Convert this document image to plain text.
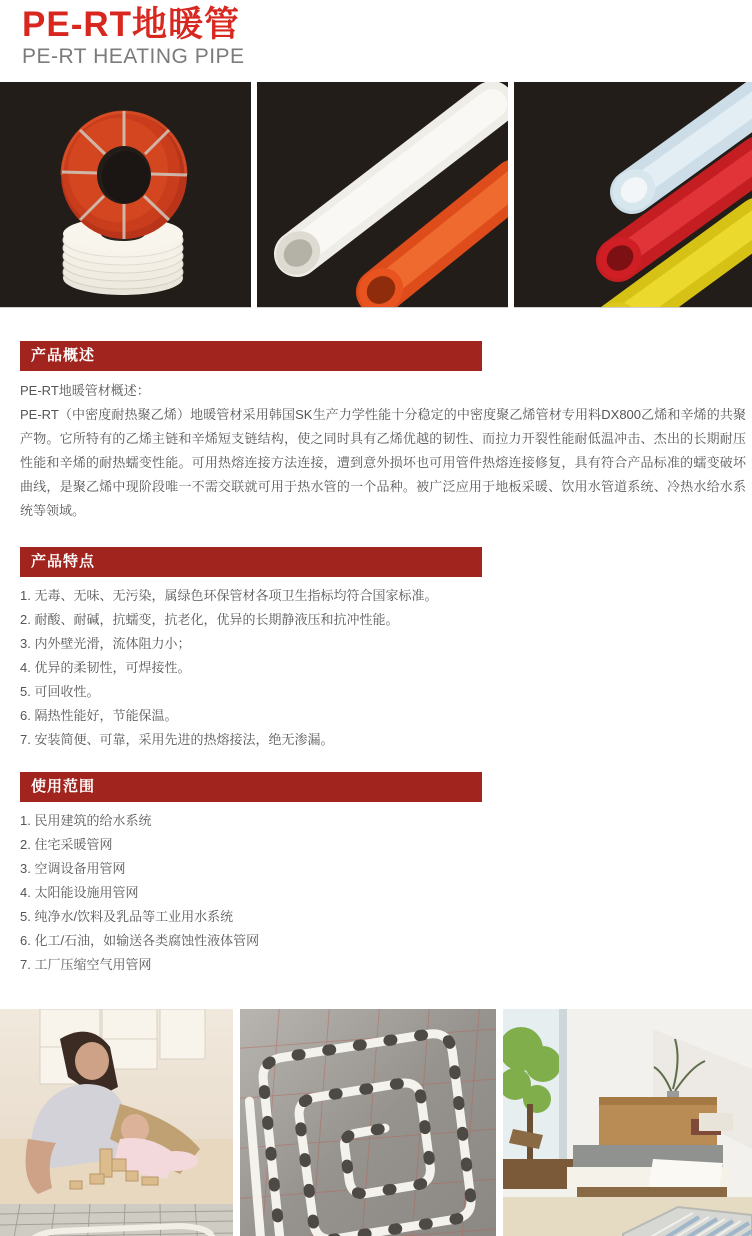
PE-RT地暖管
PE-RT HEATING PIPE
产品概述
PE-RT地暖管材概述：
PE-RT（中密度耐热聚乙烯）地暖管材采用韩国SK生产力学性能十分稳定的中密度聚乙烯管材专用料DX800乙烯和辛烯的共聚产物。它所特有的乙烯主链和辛烯短支链结构，使之同时具有乙烯优越的韧性、而拉力开裂性能耐低温冲击、杰出的长期耐压性能和辛烯的耐热蠕变性能。可用热熔连接方法连接，遭到意外损坏也可用管件热熔连接修复，具有符合产品标准的蠕变破坏曲线，是聚乙烯中现阶段唯一不需交联就可用于热水管的一个品种。被广泛应用于地板采暖、饮用水管道系统、冷热水给水系统等领域。
产品特点
1. 无毒、无味、无污染，属绿色环保管材各项卫生指标均符合国家标准。
2. 耐酸、耐碱，抗蠕变，抗老化，优异的长期静液压和抗冲性能。
3. 内外壁光滑，流体阻力小；
4. 优异的柔韧性，可焊接性。
5. 可回收性。
6. 隔热性能好，节能保温。
7. 安装简便、可靠，采用先进的热熔接法，绝无渗漏。
使用范围
1. 民用建筑的给水系统
2. 住宅采暖管网
3. 空调设备用管网
4. 太阳能设施用管网
5. 纯净水/饮料及乳品等工业用水系统
6. 化工/石油，如输送各类腐蚀性液体管网
7. 工厂压缩空气用管网
